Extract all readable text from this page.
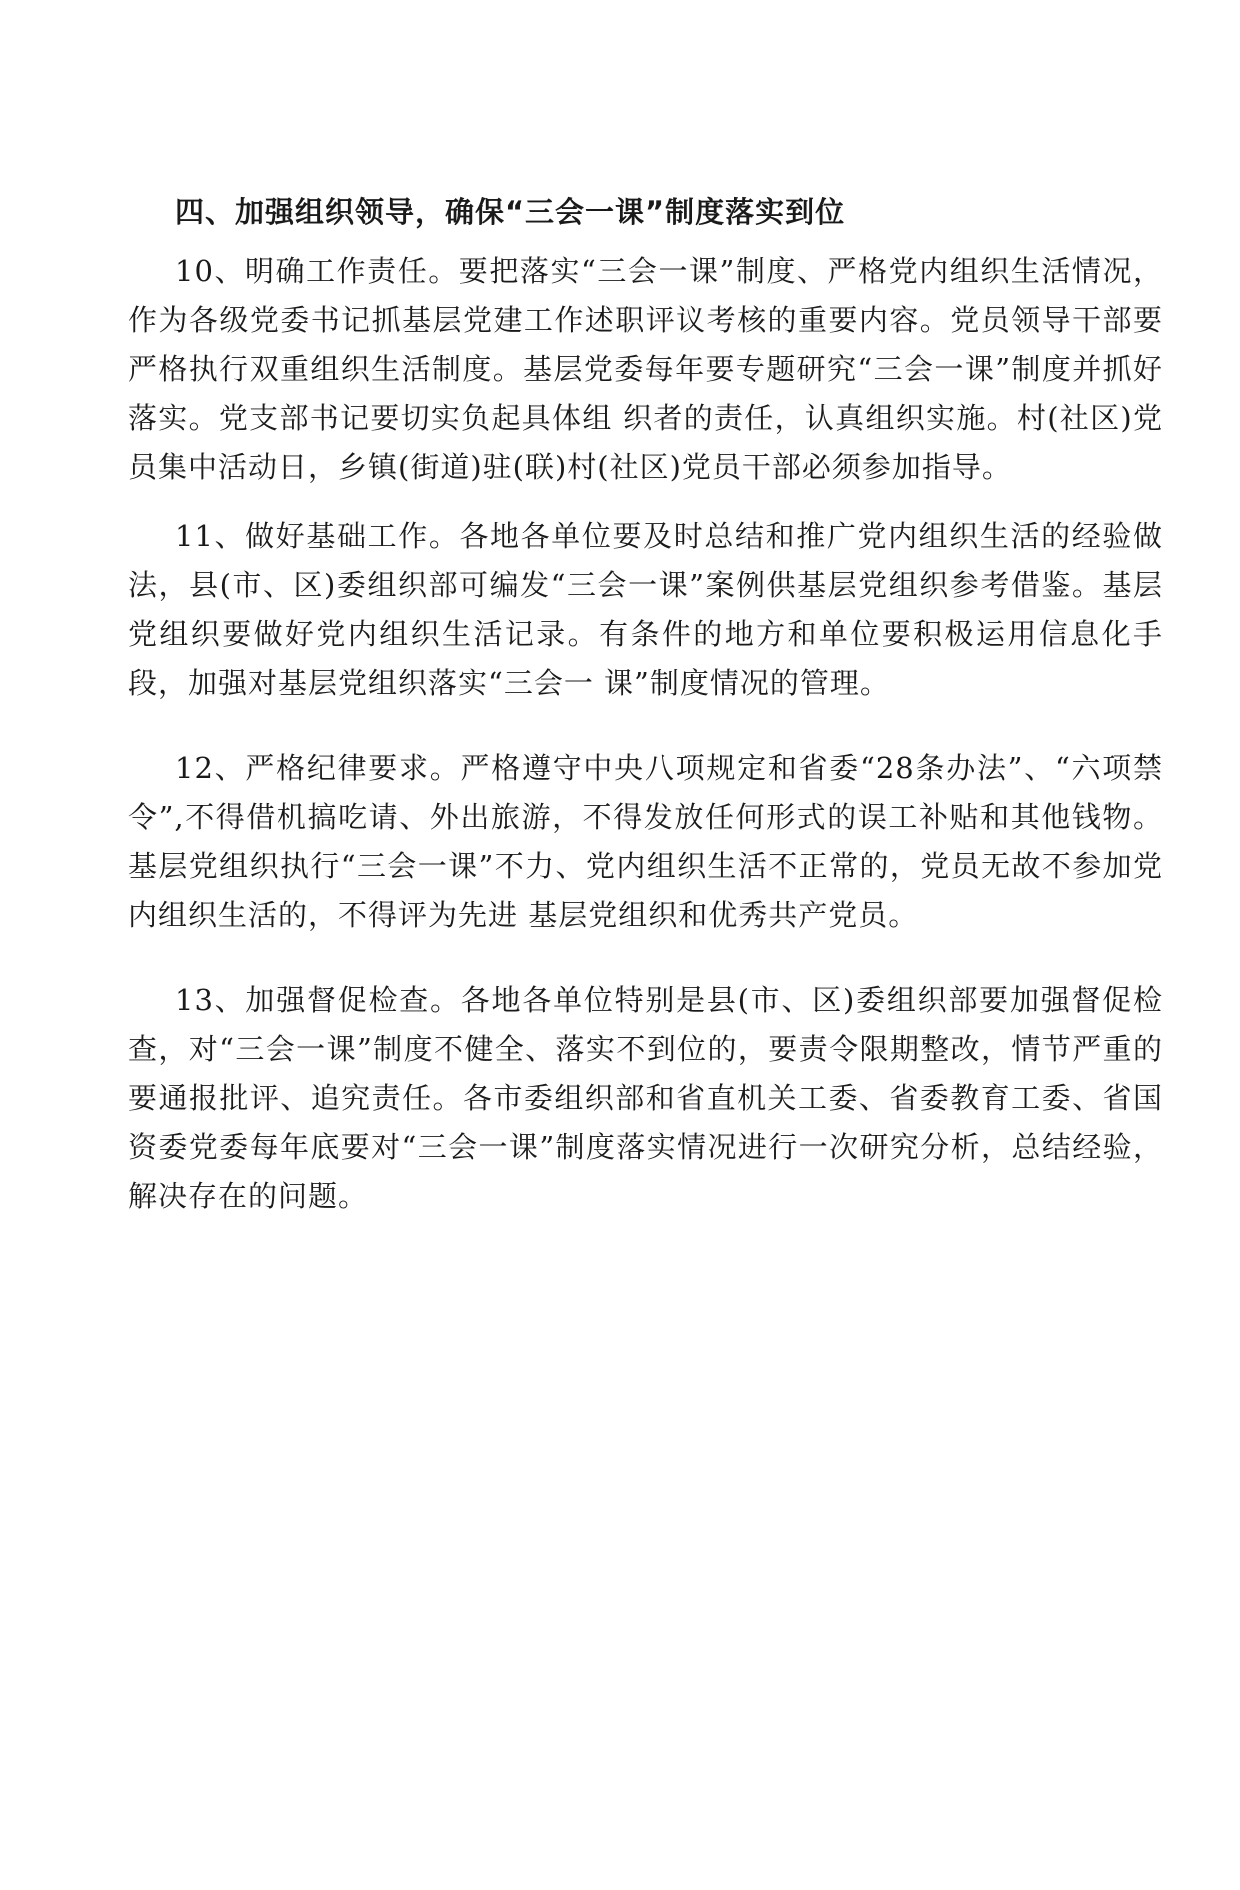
四、加强组织领导，确保“三会一课”制度落实到位

10、明确工作责任。要把落实“三会一课”制度、严格党内组织生活情况，作为各级党委书记抓基层党建工作述职评议考核的重要内容。党员领导干部要严格执行双重组织生活制度。基层党委每年要专题研究“三会一课”制度并抓好落实。党支部书记要切实负起具体组 织者的责任，认真组织实施。村(社区)党员集中活动日，乡镇(街道)驻(联)村(社区)党员干部必须参加指导。

11、做好基础工作。各地各单位要及时总结和推广党内组织生活的经验做法，县(市、区)委组织部可编发“三会一课”案例供基层党组织参考借鉴。基层党组织要做好党内组织生活记录。有条件的地方和单位要积极运用信息化手段，加强对基层党组织落实“三会一 课”制度情况的管理。

12、严格纪律要求。严格遵守中央八项规定和省委“28条办法”、“六项禁令”,不得借机搞吃请、外出旅游，不得发放任何形式的误工补贴和其他钱物。基层党组织执行“三会一课”不力、党内组织生活不正常的，党员无故不参加党内组织生活的，不得评为先进 基层党组织和优秀共产党员。

13、加强督促检查。各地各单位特别是县(市、区)委组织部要加强督促检查，对“三会一课”制度不健全、落实不到位的，要责令限期整改，情节严重的要通报批评、追究责任。各市委组织部和省直机关工委、省委教育工委、省国资委党委每年底要对“三会一课”制度落实情况进行一次研究分析，总结经验，解决存在的问题。
